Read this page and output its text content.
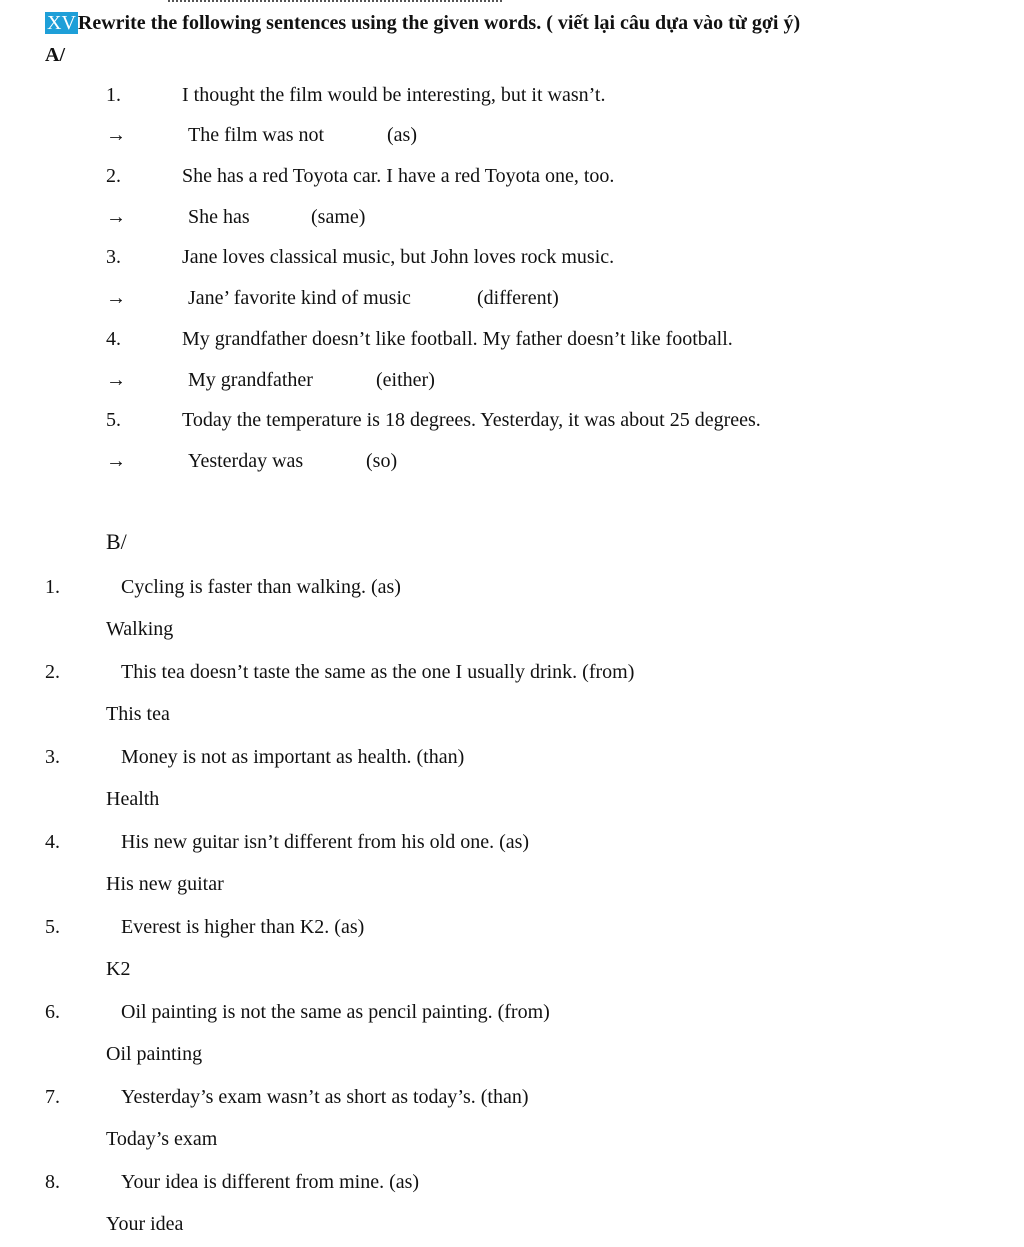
XV Rewrite the following sentences using the given words. ( viết lại câu dựa vào từ gợi ý)
A/
1.	I thought the film would be interesting, but it wasn’t.
→	The film was not	(as)
2.	She has a red Toyota car. I have a red Toyota one, too.
→	She has	(same)
3.	Jane loves classical music, but John loves rock music.
→	Jane’ favorite kind of music	(different)
4.	My grandfather doesn’t like football. My father doesn’t like football.
→	My grandfather	(either)
5.	Today the temperature is 18 degrees. Yesterday, it was about 25 degrees.
→	Yesterday was	(so)
B/
1.	Cycling is faster than walking. (as)
Walking
2.	This tea doesn’t taste the same as the one I usually drink. (from)
This tea
3.	Money is not as important as health. (than)
Health
4.	His new guitar isn’t different from his old one. (as)
His new guitar
5.	Everest is higher than K2. (as)
K2
6.	Oil painting is not the same as pencil painting. (from)
Oil painting
7.	Yesterday’s exam wasn’t as short as today’s. (than)
Today’s exam
8.	Your idea is different from mine. (as)
Your idea
